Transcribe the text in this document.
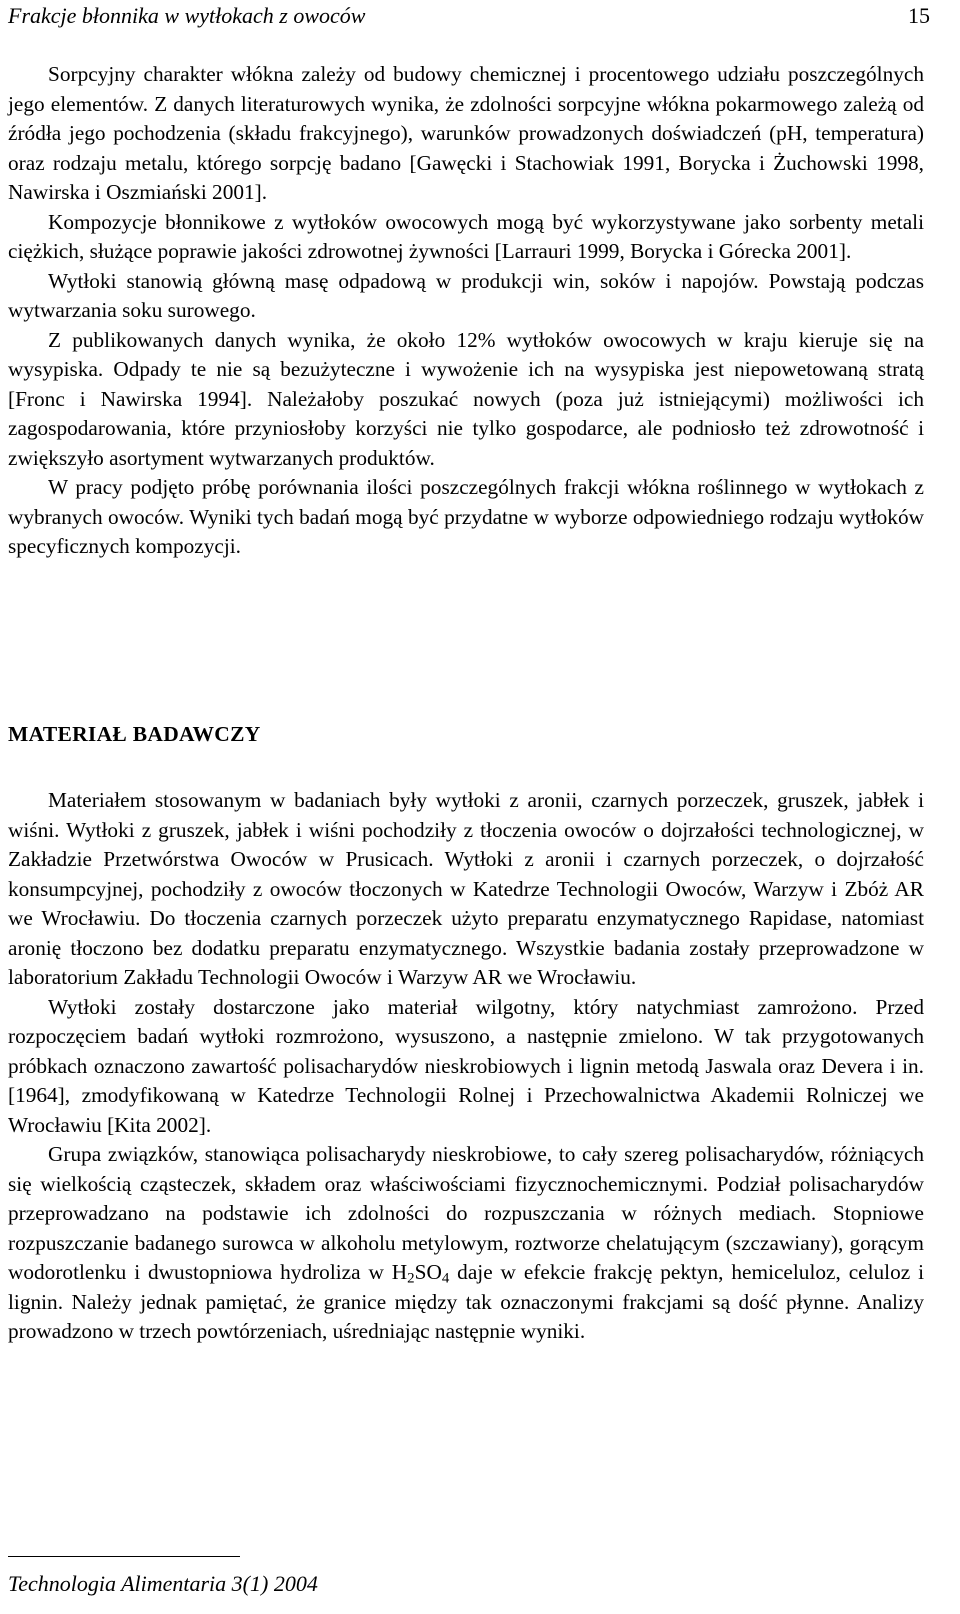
Frakcje błonnika w wytłokach z owoców	15

Sorpcyjny charakter włókna zależy od budowy chemicznej i procentowego udziału poszczególnych jego elementów. Z danych literaturowych wynika, że zdolności sorpcyjne włókna pokarmowego zależą od źródła jego pochodzenia (składu frakcyjnego), warunków prowadzonych doświadczeń (pH, temperatura) oraz rodzaju metalu, którego sorpcję badano [Gawęcki i Stachowiak 1991, Borycka i Żuchowski 1998, Nawirska i Oszmiański 2001].

Kompozycje błonnikowe z wytłoków owocowych mogą być wykorzystywane jako sorbenty metali ciężkich, służące poprawie jakości zdrowotnej żywności [Larrauri 1999, Borycka i Górecka 2001].

Wytłoki stanowią główną masę odpadową w produkcji win, soków i napojów. Powstają podczas wytwarzania soku surowego.

Z publikowanych danych wynika, że około 12% wytłoków owocowych w kraju kieruje się na wysypiska. Odpady te nie są bezużyteczne i wywożenie ich na wysypiska jest niepowetowaną stratą [Fronc i Nawirska 1994]. Należałoby poszukać nowych (poza już istniejącymi) możliwości ich zagospodarowania, które przyniosłoby korzyści nie tylko gospodarce, ale podniosło też zdrowotność i zwiększyło asortyment wytwarzanych produktów.

W pracy podjęto próbę porównania ilości poszczególnych frakcji włókna roślinnego w wytłokach z wybranych owoców. Wyniki tych badań mogą być przydatne w wyborze odpowiedniego rodzaju wytłoków specyficznych kompozycji.

MATERIAŁ BADAWCZY

Materiałem stosowanym w badaniach były wytłoki z aronii, czarnych porzeczek, gruszek, jabłek i wiśni. Wytłoki z gruszek, jabłek i wiśni pochodziły z tłoczenia owoców o dojrzałości technologicznej, w Zakładzie Przetwórstwa Owoców w Prusicach. Wytłoki z aronii i czarnych porzeczek, o dojrzałość konsumpcyjnej, pochodziły z owoców tłoczonych w Katedrze Technologii Owoców, Warzyw i Zbóż AR we Wrocławiu. Do tłoczenia czarnych porzeczek użyto preparatu enzymatycznego Rapidase, natomiast aronię tłoczono bez dodatku preparatu enzymatycznego. Wszystkie badania zostały przeprowadzone w laboratorium Zakładu Technologii Owoców i Warzyw AR we Wrocławiu.

Wytłoki zostały dostarczone jako materiał wilgotny, który natychmiast zamrożono. Przed rozpoczęciem badań wytłoki rozmrożono, wysuszono, a następnie zmielono. W tak przygotowanych próbkach oznaczono zawartość polisacharydów nieskrobiowych i lignin metodą Jaswala oraz Devera i in. [1964], zmodyfikowaną w Katedrze Technologii Rolnej i Przechowalnictwa Akademii Rolniczej we Wrocławiu [Kita 2002].

Grupa związków, stanowiąca polisacharydy nieskrobiowe, to cały szereg polisacharydów, różniących się wielkością cząsteczek, składem oraz właściwościami fizycznochemicznymi. Podział polisacharydów przeprowadzano na podstawie ich zdolności do rozpuszczania w różnych mediach. Stopniowe rozpuszczanie badanego surowca w alkoholu metylowym, roztworze chelatującym (szczawiany), gorącym wodorotlenku i dwustopniowa hydroliza w $H_2SO_4$ daje w efekcie frakcję pektyn, hemiceluloz, celuloz i lignin. Należy jednak pamiętać, że granice między tak oznaczonymi frakcjami są dość płynne. Analizy prowadzono w trzech powtórzeniach, uśredniając następnie wyniki.

Technologia Alimentaria 3(1) 2004
